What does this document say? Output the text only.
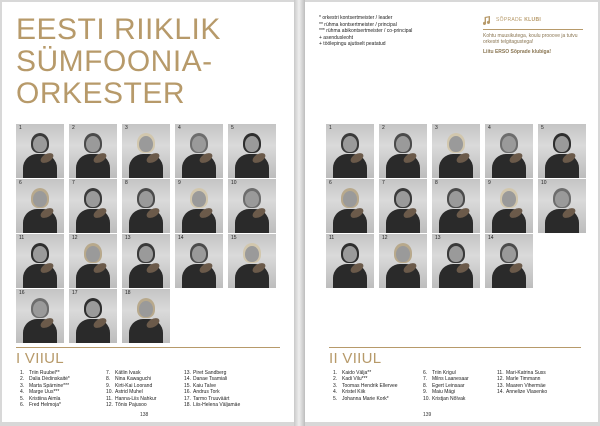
EESTI RIIKLIK
SÜMFOONIA-
ORKESTER
1	2	3	4	5
6	7	8	9	10
11	12	13	14	15
16	17	18
I VIIUL
1. Triin Ruubel**
2. Dalia Dėdinskaitė*
3. Marta Spärnine***
4. Marge Uus***
5. Kristiina Aimla
6. Fred Helmoja*
7. Kätlin Ivask
8. Nina Kawaguchi
9. Kirti-Kai Loorand
10. Astrid Muhel
11. Hanna-Liis Nahkur
12. Tõnis Pajusoo
13. Piret Sandberg
14. Danae Tsamiali
15. Kaiu Talve
16. Andrus Tork
17. Tarmo Truuväärt
18. Liis-Helena Väljamäe
138
* orkestri kontsertmeister / leader
** rühma kontsertmeister / principal
*** rühma abikontsertmeister / co-principal
+ asendusleoht
+ töölepingu ajutiselt peatatud
SÕPRADE KLUBI

Kohtu muusikutega, koulu prooove ja tutvu orkestri telgitagustega!

Liitu ERSO Sõprade klubiga!

1	2	3	4	5
6	7	8	9	10
11	12	13	14
II VIIUL
1. Kaido Välja**
2. Kadi Vilu***
3. Toomas Hendrik Ellervee
4. Kristel Kiik
5. Johanna Marie Kork*
6. Triin Krigul
7. Milns Laanesaar
8. Egert Leinsaar
9. Maiu Mägi
10. Kristjan Nõlvak
11. Mari-Katrina Suss
12. Marle Timmann
13. Maaren Vihermäe
14. Annelize Vlasenko
139
